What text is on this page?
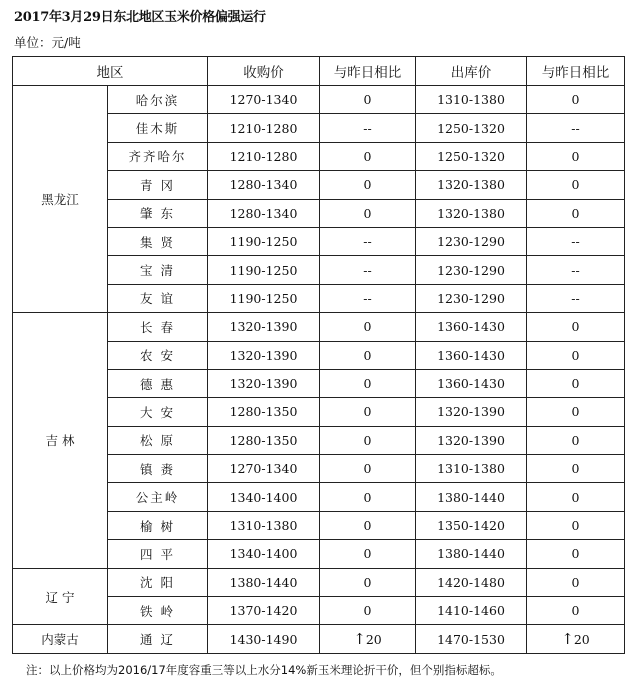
2017年3月29日东北地区玉米价格偏强运行
单位：元/吨
地区		收购价	与昨日相比	出库价	与昨日相比
黑龙江	哈尔滨	1270-1340	0	1310-1380	0
	佳木斯	1210-1280	--	1250-1320	--
	齐齐哈尔	1210-1280	0	1250-1320	0
	青 冈	1280-1340	0	1320-1380	0
	肇 东	1280-1340	0	1320-1380	0
	集 贤	1190-1250	--	1230-1290	--
	宝 清	1190-1250	--	1230-1290	--
	友 谊	1190-1250	--	1230-1290	--
吉 林	长 春	1320-1390	0	1360-1430	0
	农 安	1320-1390	0	1360-1430	0
	德 惠	1320-1390	0	1360-1430	0
	大 安	1280-1350	0	1320-1390	0
	松 原	1280-1350	0	1320-1390	0
	镇 赉	1270-1340	0	1310-1380	0
	公主岭	1340-1400	0	1380-1440	0
	榆 树	1310-1380	0	1350-1420	0
	四 平	1340-1400	0	1380-1440	0
辽 宁	沈 阳	1380-1440	0	1420-1480	0
	铁 岭	1370-1420	0	1410-1460	0
内蒙古	通 辽	1430-1490	↑20	1470-1530	↑20
注：以上价格均为2016/17年度容重三等以上水分14%新玉米理论折干价，但个别指标超标。
